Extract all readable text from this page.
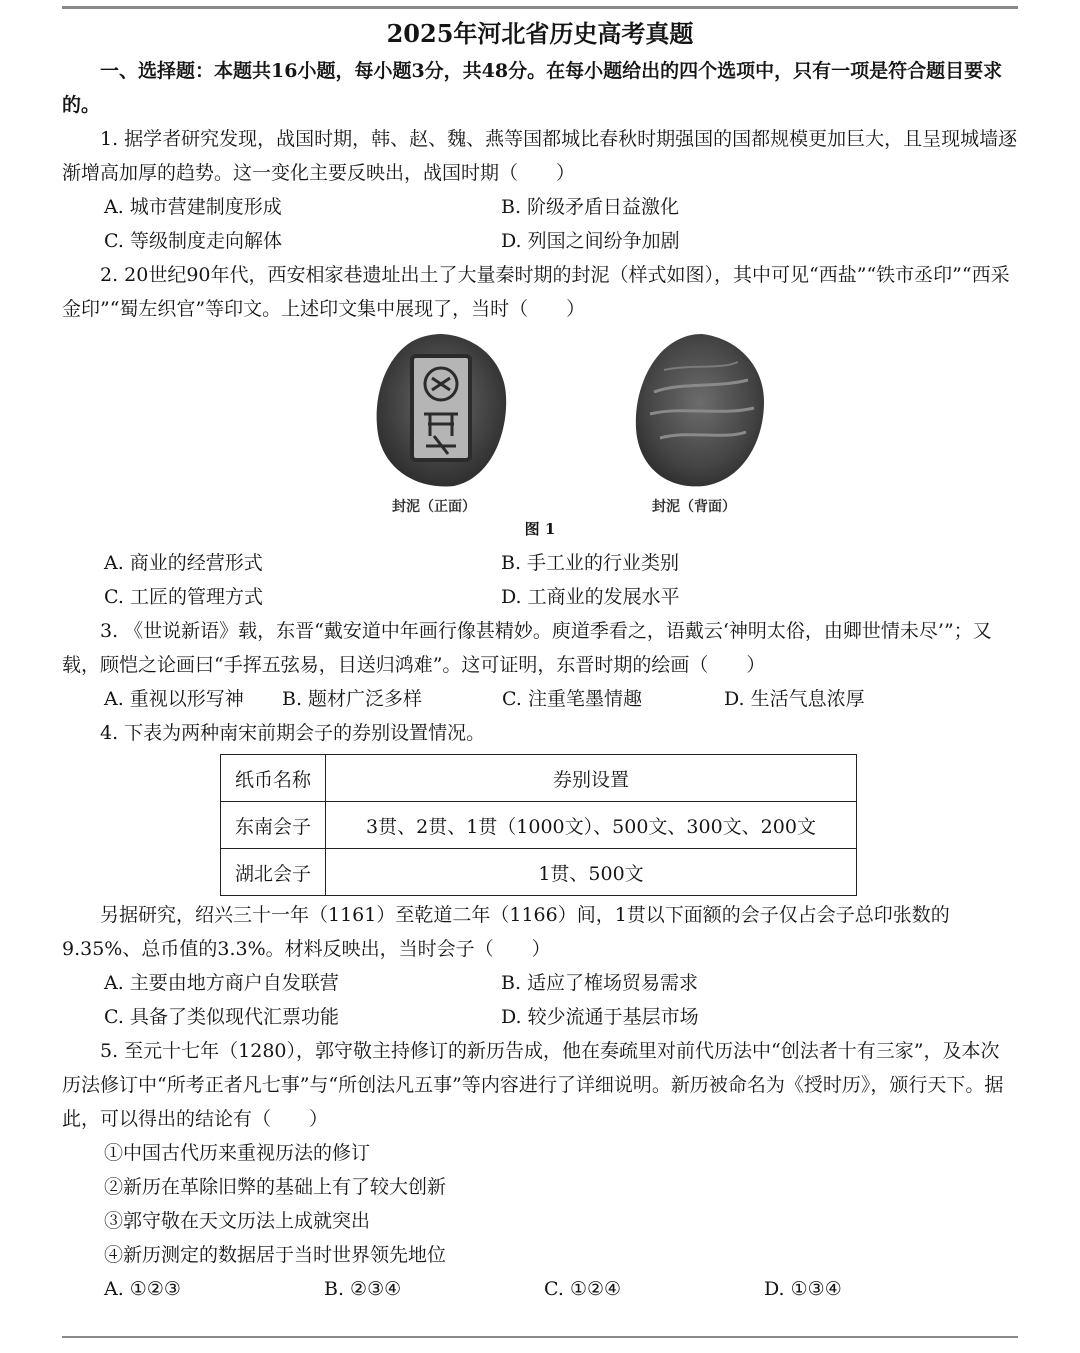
2025年河北省历史高考真题

一、选择题：本题共16小题，每小题3分，共48分。在每小题给出的四个选项中，只有一项是符合题目要求的。

1. 据学者研究发现，战国时期，韩、赵、魏、燕等国都城比春秋时期强国的国都规模更加巨大，且呈现城墙逐渐增高加厚的趋势。这一变化主要反映出，战国时期（　　）

A. 城市营建制度形成	B. 阶级矛盾日益激化
C. 等级制度走向解体	D. 列国之间纷争加剧

2. 20世纪90年代，西安相家巷遗址出土了大量秦时期的封泥（样式如图），其中可见“西盐”“铁市丞印”“西采金印”“蜀左织官”等印文。上述印文集中展现了，当时（　　）

封泥（正面）	封泥（背面）
图 1
A. 商业的经营形式	B. 手工业的行业类别
C. 工匠的管理方式	D. 工商业的发展水平

3. 《世说新语》载，东晋“戴安道中年画行像甚精妙。庾道季看之，语戴云‘神明太俗，由卿世情未尽’”；又载，顾恺之论画曰“手挥五弦易，目送归鸿难”。这可证明，东晋时期的绘画（　　）

A. 重视以形写神	B. 题材广泛多样	C. 注重笔墨情趣	D. 生活气息浓厚

4. 下表为两种南宋前期会子的券别设置情况。

纸币名称	券别设置
东南会子	3贯、2贯、1贯（1000文）、500文、300文、200文
湖北会子	1贯、500文

另据研究，绍兴三十一年（1161）至乾道二年（1166）间，1贯以下面额的会子仅占会子总印张数的9.35%、总币值的3.3%。材料反映出，当时会子（　　）

A. 主要由地方商户自发联营	B. 适应了榷场贸易需求
C. 具备了类似现代汇票功能	D. 较少流通于基层市场

5. 至元十七年（1280），郭守敬主持修订的新历告成，他在奏疏里对前代历法中“创法者十有三家”，及本次历法修订中“所考正者凡七事”与“所创法凡五事”等内容进行了详细说明。新历被命名为《授时历》，颁行天下。据此，可以得出的结论有（　　）

①中国古代历来重视历法的修订
②新历在革除旧弊的基础上有了较大创新
③郭守敬在天文历法上成就突出
④新历测定的数据居于当时世界领先地位
A. ①②③	B. ②③④	C. ①②④	D. ①③④
